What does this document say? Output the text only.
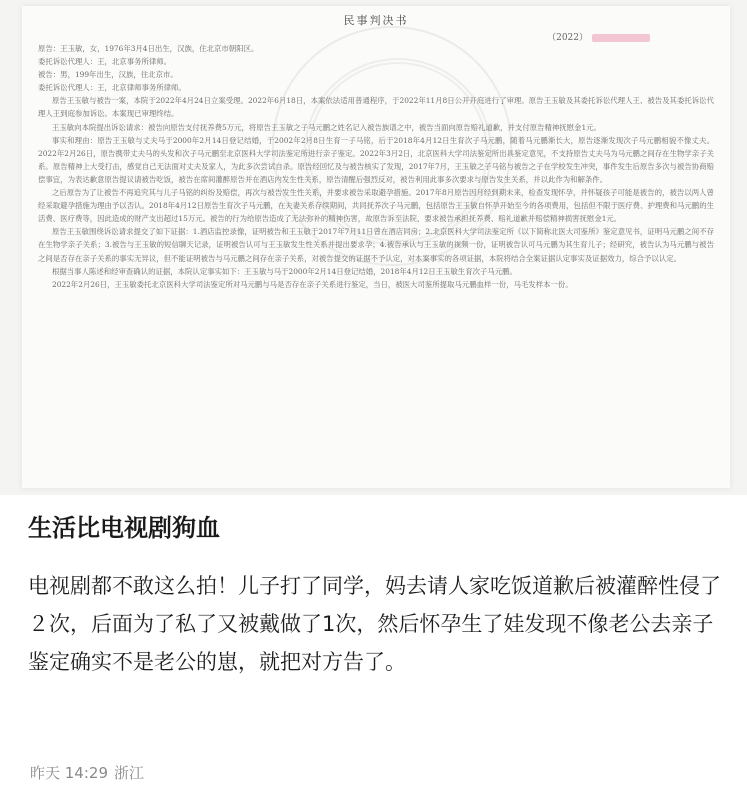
民事判决书
（2022）

原告：王玉敏，女，1976年3月4日出生，汉族，住北京市朝阳区。

委托诉讼代理人：王，北京事务所律师。

被告：男，199年出生，汉族，住北京市。

委托诉讼代理人：王，北京律师事务所律师。

原告王玉敏与被告一案，本院于2022年4月24日立案受理。2022年6月18日，本案依法适用普通程序，于2022年11月8日公开开庭进行了审理。原告王玉敏及其委托诉讼代理人王、被告及其委托诉讼代理人王到庭参加诉讼。本案现已审理终结。

王玉敏向本院提出诉讼请求：被告向原告支付抚养费5万元，将原告王玉敏之子马元鹏之姓名记入被告族谱之中，被告当面向原告赔礼道歉，并支付原告精神抚慰金1元。

事实和理由：原告王玉敏与丈夫马于2000年2月14日登记结婚，于2002年2月8日生育一子马铭，后于2018年4月12日生育次子马元鹏，随着马元鹏渐长大，原告逐渐发现次子马元鹏相貌不像丈夫。2022年2月26日，原告携带丈夫马的头发和次子马元鹏至北京医科大学司法鉴定所进行亲子鉴定。2022年3月2日，北京医科大学司法鉴定所出具鉴定意见，不支持原告丈夫马为马元鹏之间存在生物学亲子关系。原告精神上大受打击，感觉自己无法面对丈夫及家人，为此多次尝试自杀。原告经回忆及与被告核实了发现，2017年7月，王玉敏之子马铭与被告之子在学校发生冲突，事件发生后原告多次与被告协商赔偿事宜，为表达歉意原告提议请被告吃饭，被告在席间灌醉原告并在酒店内发生性关系，原告清醒后强烈反对，被告利用此事多次要求与原告发生关系，并以此作为和解条件。

之后原告为了让被告不再追究其与儿子马铭的纠纷及赔偿，再次与被告发生性关系，并要求被告采取避孕措施。2017年8月原告因月经到期未来，检查发现怀孕，并怀疑孩子可能是被告的，被告以两人曾经采取避孕措施为理由予以否认。2018年4月12日原告生育次子马元鹏，在夫妻关系存续期间，共同抚养次子马元鹏，包括原告王玉敏自怀孕开始至今的各项费用，包括但不限于医疗费、护理费和马元鹏的生活费、医疗费等，因此造成的财产支出超过15万元。被告的行为给原告造成了无法弥补的精神伤害，故原告诉至法院，要求被告承担抚养费、赔礼道歉并赔偿精神损害抚慰金1元。

原告王玉敏围绕诉讼请求提交了如下证据：1.酒店监控录像，证明被告和王玉敏于2017年7月11日曾在酒店同房；2.北京医科大学司法鉴定所《以下简称北医大司鉴所》鉴定意见书，证明马元鹏之间不存在生物学亲子关系；3.被告与王玉敏的短信聊天记录，证明被告认可与王玉敏发生性关系并提出要求孕；4.被告承认与王玉敏的视频一份，证明被告认可马元鹏为其生育儿子；经研究，被告认为马元鹏与被告之间是否存在亲子关系的事实无异议，但不能证明被告与马元鹏之间存在亲子关系，对被告提交的证据不予认定，对本案事实的各项证据，本院将结合全案证据认定事实及证据效力，综合予以认定。

根据当事人陈述和经审查确认的证据，本院认定事实如下：王玉敏与马于2000年2月14日登记结婚，2018年4月12日王玉敏生育次子马元鹏。

2022年2月26日，王玉敏委托北京医科大学司法鉴定所对马元鹏与马是否存在亲子关系进行鉴定，当日，被医大司鉴所提取马元鹏血样一份，马毛发样本一份。

生活比电视剧狗血
电视剧都不敢这么拍！儿子打了同学，妈去请人家吃饭道歉后被灌醉性侵了２次，后面为了私了又被戴做了1次，然后怀孕生了娃发现不像老公去亲子鉴定确实不是老公的崽，就把对方告了。
昨天 14:29 浙江
